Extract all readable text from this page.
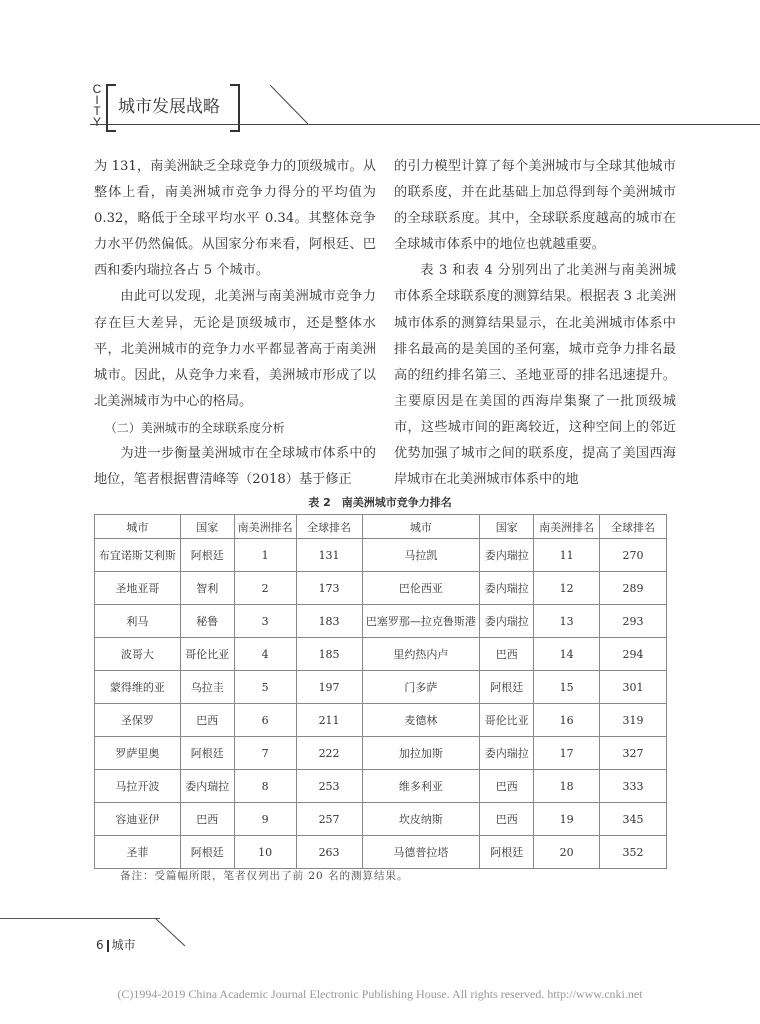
C
I
T
Y
城市发展战略

为 131，南美洲缺乏全球竞争力的顶级城市。从整体上看，南美洲城市竞争力得分的平均值为 0.32，略低于全球平均水平 0.34。其整体竞争力水平仍然偏低。从国家分布来看，阿根廷、巴西和委内瑞拉各占 5 个城市。

由此可以发现，北美洲与南美洲城市竞争力存在巨大差异，无论是顶级城市，还是整体水平，北美洲城市的竞争力水平都显著高于南美洲城市。因此，从竞争力来看，美洲城市形成了以北美洲城市为中心的格局。

（二）美洲城市的全球联系度分析

为进一步衡量美洲城市在全球城市体系中的地位，笔者根据曹清峰等（2018）基于修正

的引力模型计算了每个美洲城市与全球其他城市的联系度，并在此基础上加总得到每个美洲城市的全球联系度。其中，全球联系度越高的城市在全球城市体系中的地位也就越重要。

表 3 和表 4 分别列出了北美洲与南美洲城市体系全球联系度的测算结果。根据表 3 北美洲城市体系的测算结果显示，在北美洲城市体系中排名最高的是美国的圣何塞，城市竞争力排名最高的纽约排名第三、圣地亚哥的排名迅速提升。主要原因是在美国的西海岸集聚了一批顶级城市，这些城市间的距离较近，这种空间上的邻近优势加强了城市之间的联系度，提高了美国西海岸城市在北美洲城市体系中的地

表 2　南美洲城市竞争力排名
城市	国家	南美洲排名	全球排名	城市	国家	南美洲排名	全球排名
布宜诺斯艾利斯	阿根廷	1	131	马拉凯	委内瑞拉	11	270
圣地亚哥	智利	2	173	巴伦西亚	委内瑞拉	12	289
利马	秘鲁	3	183	巴塞罗那—拉克鲁斯港	委内瑞拉	13	293
波哥大	哥伦比亚	4	185	里约热内卢	巴西	14	294
蒙得维的亚	乌拉圭	5	197	门多萨	阿根廷	15	301
圣保罗	巴西	6	211	麦德林	哥伦比亚	16	319
罗萨里奥	阿根廷	7	222	加拉加斯	委内瑞拉	17	327
马拉开波	委内瑞拉	8	253	维多利亚	巴西	18	333
容迪亚伊	巴西	9	257	坎皮纳斯	巴西	19	345
圣菲	阿根廷	10	263	马德普拉塔	阿根廷	20	352
备注：受篇幅所限，笔者仅列出了前 20 名的测算结果。
6 城市
(C)1994-2019 China Academic Journal Electronic Publishing House. All rights reserved. http://www.cnki.net
